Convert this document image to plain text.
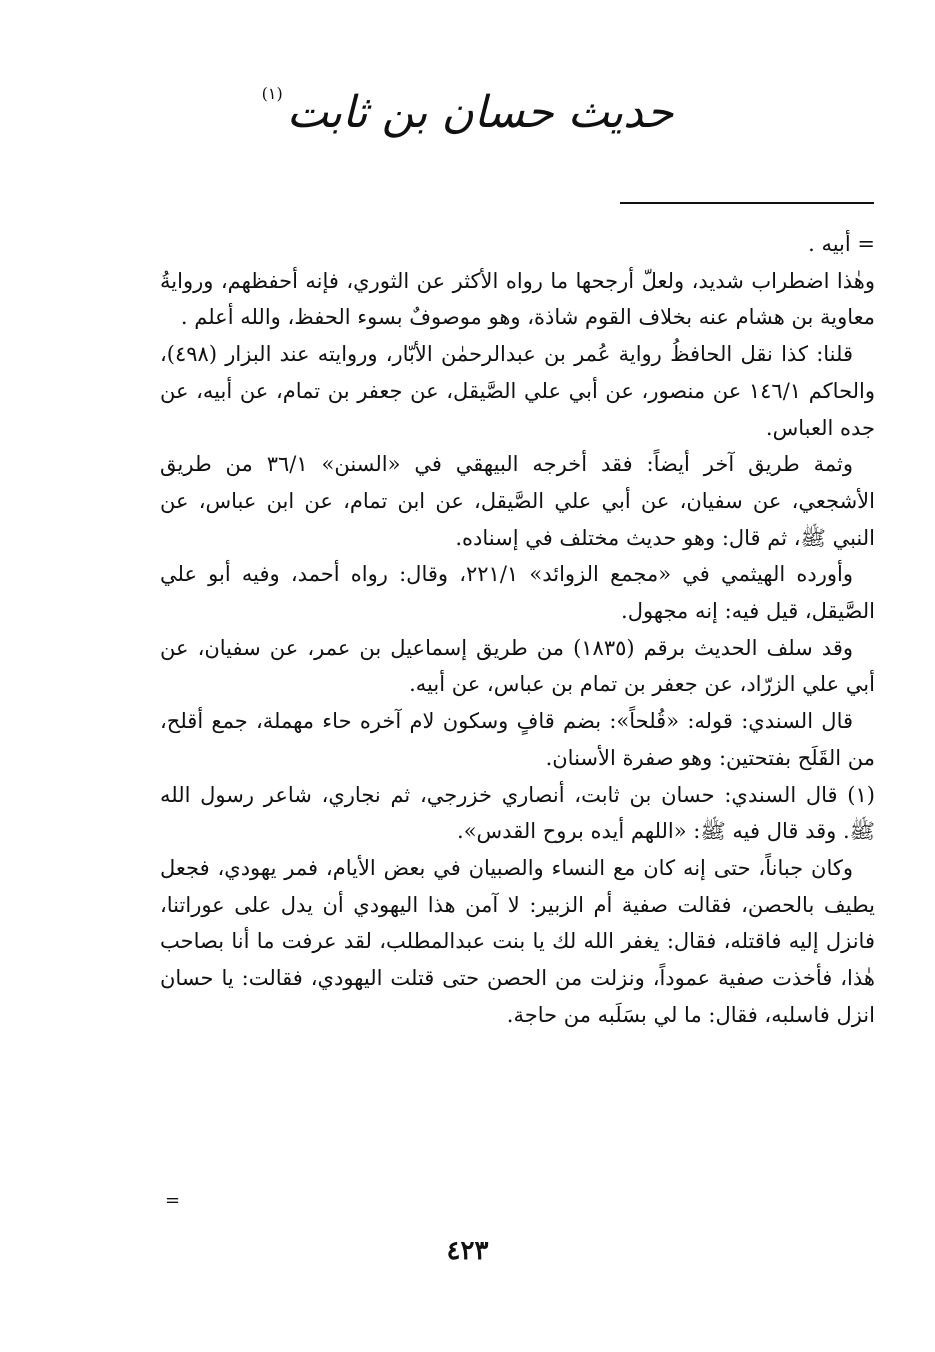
حديث حسان بن ثابت$^{(١)}$

= أبيه .

وهٰذا اضطراب شديد، ولعلّ أرجحها ما رواه الأكثر عن الثوري، فإنه أحفظهم، وروايةُ معاوية بن هشام عنه بخلاف القوم شاذة، وهو موصوفٌ بسوء الحفظ، والله أعلم .

قلنا: كذا نقل الحافظُ رواية عُمر بن عبدالرحمٰن الأبّار، وروايته عند البزار (٤٩٨)، والحاكم ١٤٦/١ عن منصور، عن أبي علي الصَّيقل، عن جعفر بن تمام، عن أبيه، عن جده العباس.

وثمة طريق آخر أيضاً: فقد أخرجه البيهقي في «السنن» ٣٦/١ من طريق الأشجعي، عن سفيان، عن أبي علي الصَّيقل، عن ابن تمام، عن ابن عباس، عن النبي ﷺ، ثم قال: وهو حديث مختلف في إسناده.

وأورده الهيثمي في «مجمع الزوائد» ٢٢١/١، وقال: رواه أحمد، وفيه أبو علي الصَّيقل، قيل فيه: إنه مجهول.

وقد سلف الحديث برقم (١٨٣٥) من طريق إسماعيل بن عمر، عن سفيان، عن أبي علي الزرّاد، عن جعفر بن تمام بن عباس، عن أبيه.

قال السندي: قوله: «قُلحاً»: بضم قافٍ وسكون لام آخره حاء مهملة، جمع أقلح، من القَلَح بفتحتين: وهو صفرة الأسنان.

(١) قال السندي: حسان بن ثابت، أنصاري خزرجي، ثم نجاري، شاعر رسول الله ﷺ. وقد قال فيه ﷺ: «اللهم أيده بروح القدس».

وكان جباناً، حتى إنه كان مع النساء والصبيان في بعض الأيام، فمر يهودي، فجعل يطيف بالحصن، فقالت صفية أم الزبير: لا آمن هذا اليهودي أن يدل على عوراتنا، فانزل إليه فاقتله، فقال: يغفر الله لك يا بنت عبدالمطلب، لقد عرفت ما أنا بصاحب هٰذا، فأخذت صفية عموداً، ونزلت من الحصن حتى قتلت اليهودي، فقالت: يا حسان انزل فاسلبه، فقال: ما لي بسَلَبه من حاجة.

=
٤٢٣
